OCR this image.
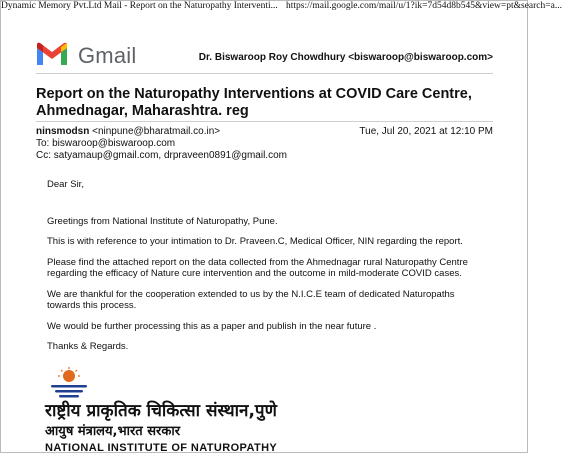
Dynamic Memory Pvt.Ltd Mail - Report on the Naturopathy Interventi... https://mail.google.com/mail/u/1?ik=7d54d8b545&view=pt&search=a...
Gmail	Dr. Biswaroop Roy Chowdhury <biswaroop@biswaroop.com>
Report on the Naturopathy Interventions at COVID Care Centre, Ahmednagar, Maharashtra. reg
ninsmodsn <ninpune@bharatmail.co.in>	Tue, Jul 20, 2021 at 12:10 PM
To: biswaroop@biswaroop.com
Cc: satyamaup@gmail.com, drpraveen0891@gmail.com

Dear Sir,

Greetings from National Institute of Naturopathy, Pune.

This is with reference to your intimation to Dr. Praveen.C, Medical Officer, NIN regarding the report.

Please find the attached report on the data collected from the Ahmednagar rural Naturopathy Centre regarding the efficacy of Nature cure intervention and the outcome in mild-moderate COVID cases.

We are thankful for the cooperation extended to us by the N.I.C.E team of dedicated Naturopaths towards this process.

We would be further processing this as a paper and publish in the near future .

Thanks & Regards.

राष्ट्रीय प्राकृतिक चिकित्सा संस्थान,पुणे
आयुष मंत्रालय,भारत सरकार
NATIONAL INSTITUTE OF NATUROPATHY
